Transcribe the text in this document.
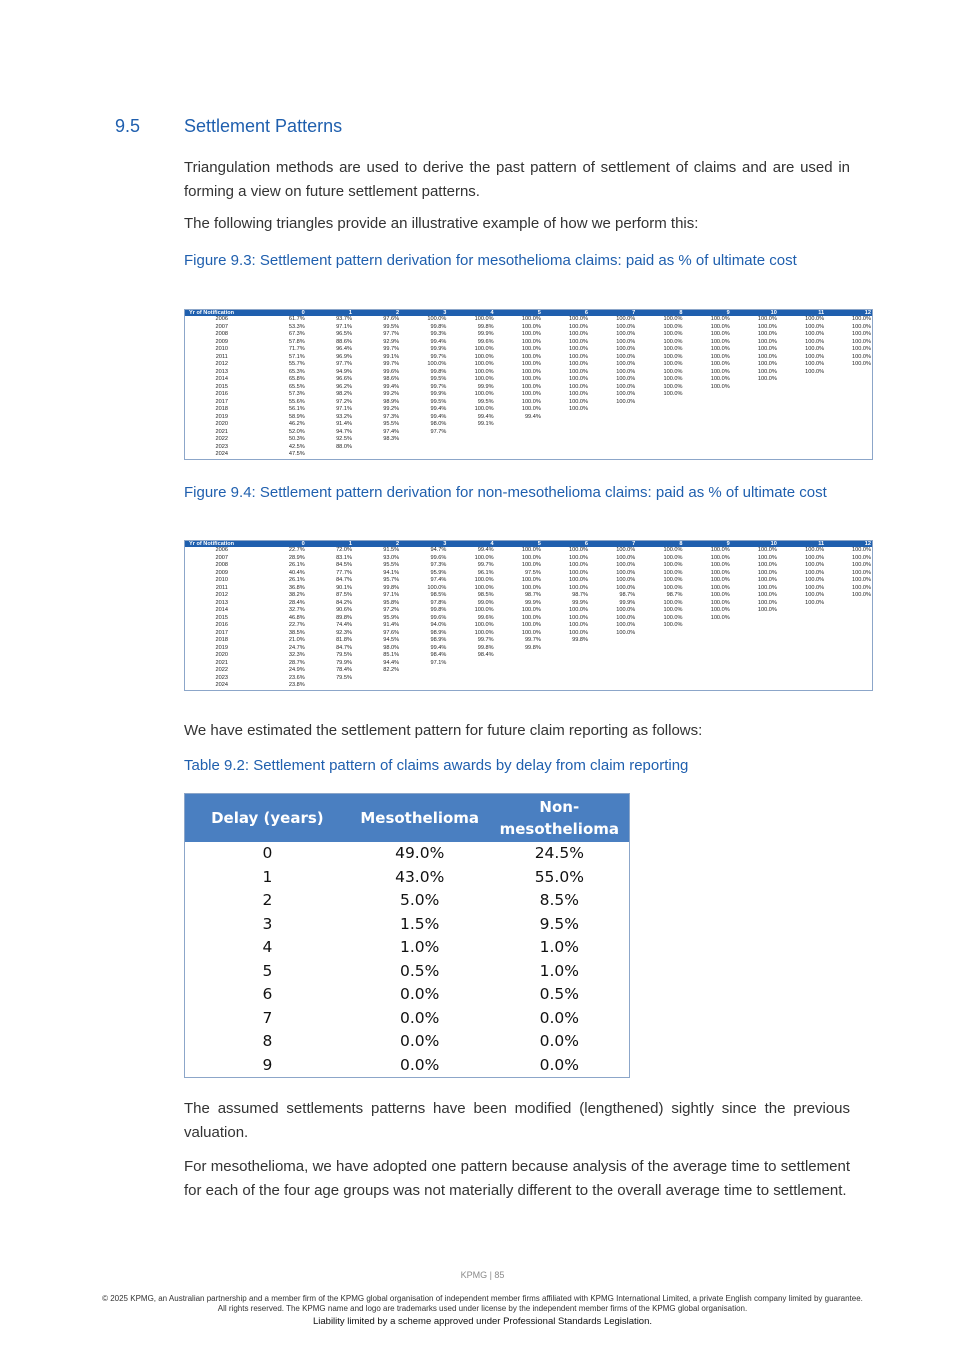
9.5 Settlement Patterns

Triangulation methods are used to derive the past pattern of settlement of claims and are used in forming a view on future settlement patterns.

The following triangles provide an illustrative example of how we perform this:

Figure 9.3: Settlement pattern derivation for mesothelioma claims: paid as % of ultimate cost

Yr of Notification	0	1	2	3	4	5	6	7	8	9	10	11	12
2006	61.7%	93.7%	97.6%	100.0%	100.0%	100.0%	100.0%	100.0%	100.0%	100.0%	100.0%	100.0%	100.0%
2007	53.3%	97.1%	99.5%	99.8%	99.8%	100.0%	100.0%	100.0%	100.0%	100.0%	100.0%	100.0%	100.0%
2008	67.3%	96.5%	97.7%	99.3%	99.9%	100.0%	100.0%	100.0%	100.0%	100.0%	100.0%	100.0%	100.0%
2009	57.8%	88.6%	92.9%	99.4%	99.6%	100.0%	100.0%	100.0%	100.0%	100.0%	100.0%	100.0%	100.0%
2010	71.7%	96.4%	99.7%	99.9%	100.0%	100.0%	100.0%	100.0%	100.0%	100.0%	100.0%	100.0%	100.0%
2011	57.1%	96.9%	99.1%	99.7%	100.0%	100.0%	100.0%	100.0%	100.0%	100.0%	100.0%	100.0%	100.0%
2012	55.7%	97.7%	99.7%	100.0%	100.0%	100.0%	100.0%	100.0%	100.0%	100.0%	100.0%	100.0%	100.0%
2013	65.3%	94.9%	99.6%	99.8%	100.0%	100.0%	100.0%	100.0%	100.0%	100.0%	100.0%	100.0%	
2014	65.8%	96.6%	98.6%	99.5%	100.0%	100.0%	100.0%	100.0%	100.0%	100.0%	100.0%		
2015	65.5%	96.2%	99.4%	99.7%	99.9%	100.0%	100.0%	100.0%	100.0%	100.0%			
2016	57.3%	98.2%	99.2%	99.9%	100.0%	100.0%	100.0%	100.0%	100.0%				
2017	55.6%	97.2%	98.9%	99.5%	99.5%	100.0%	100.0%	100.0%					
2018	56.1%	97.1%	99.2%	99.4%	100.0%	100.0%	100.0%						
2019	58.9%	93.2%	97.3%	99.4%	99.4%	99.4%							
2020	46.2%	91.4%	95.5%	98.0%	99.1%								
2021	52.0%	94.7%	97.4%	97.7%									
2022	50.3%	92.5%	98.3%										
2023	42.5%	88.0%											
2024	47.5%												

Figure 9.4: Settlement pattern derivation for non-mesothelioma claims: paid as % of ultimate cost

Yr of Notification	0	1	2	3	4	5	6	7	8	9	10	11	12
2006	22.7%	72.0%	91.5%	94.7%	99.4%	100.0%	100.0%	100.0%	100.0%	100.0%	100.0%	100.0%	100.0%
2007	28.9%	83.1%	93.0%	99.6%	100.0%	100.0%	100.0%	100.0%	100.0%	100.0%	100.0%	100.0%	100.0%
2008	26.1%	84.5%	95.5%	97.3%	99.7%	100.0%	100.0%	100.0%	100.0%	100.0%	100.0%	100.0%	100.0%
2009	40.4%	77.7%	94.1%	95.9%	96.1%	97.5%	100.0%	100.0%	100.0%	100.0%	100.0%	100.0%	100.0%
2010	26.1%	84.7%	95.7%	97.4%	100.0%	100.0%	100.0%	100.0%	100.0%	100.0%	100.0%	100.0%	100.0%
2011	36.8%	90.1%	99.8%	100.0%	100.0%	100.0%	100.0%	100.0%	100.0%	100.0%	100.0%	100.0%	100.0%
2012	38.2%	87.5%	97.1%	98.5%	98.5%	98.7%	98.7%	98.7%	98.7%	100.0%	100.0%	100.0%	100.0%
2013	28.4%	84.2%	95.8%	97.8%	99.0%	99.9%	99.9%	99.9%	100.0%	100.0%	100.0%	100.0%	
2014	32.7%	90.6%	97.2%	99.8%	100.0%	100.0%	100.0%	100.0%	100.0%	100.0%	100.0%		
2015	46.8%	89.8%	95.9%	99.6%	99.6%	100.0%	100.0%	100.0%	100.0%	100.0%			
2016	22.7%	74.4%	91.4%	94.0%	100.0%	100.0%	100.0%	100.0%	100.0%				
2017	38.5%	92.3%	97.6%	98.9%	100.0%	100.0%	100.0%	100.0%					
2018	21.0%	81.8%	94.5%	98.9%	99.7%	99.7%	99.8%						
2019	24.7%	84.7%	98.0%	99.4%	99.8%	99.8%							
2020	32.3%	79.5%	85.1%	98.4%	98.4%								
2021	28.7%	79.9%	94.4%	97.1%									
2022	24.9%	78.4%	82.2%										
2023	23.6%	79.5%											
2024	23.8%												

We have estimated the settlement pattern for future claim reporting as follows:

Table 9.2: Settlement pattern of claims awards by delay from claim reporting

Delay (years)	Mesothelioma	Non-mesothelioma
0	49.0%	24.5%
1	43.0%	55.0%
2	5.0%	8.5%
3	1.5%	9.5%
4	1.0%	1.0%
5	0.5%	1.0%
6	0.0%	0.5%
7	0.0%	0.0%
8	0.0%	0.0%
9	0.0%	0.0%

The assumed settlements patterns have been modified (lengthened) sightly since the previous valuation.

For mesothelioma, we have adopted one pattern because analysis of the average time to settlement for each of the four age groups was not materially different to the overall average time to settlement.

KPMG | 85
© 2025 KPMG, an Australian partnership and a member firm of the KPMG global organisation of independent member firms affiliated with KPMG International Limited, a private English company limited by guarantee. All rights reserved. The KPMG name and logo are trademarks used under license by the independent member firms of the KPMG global organisation.
Liability limited by a scheme approved under Professional Standards Legislation.
